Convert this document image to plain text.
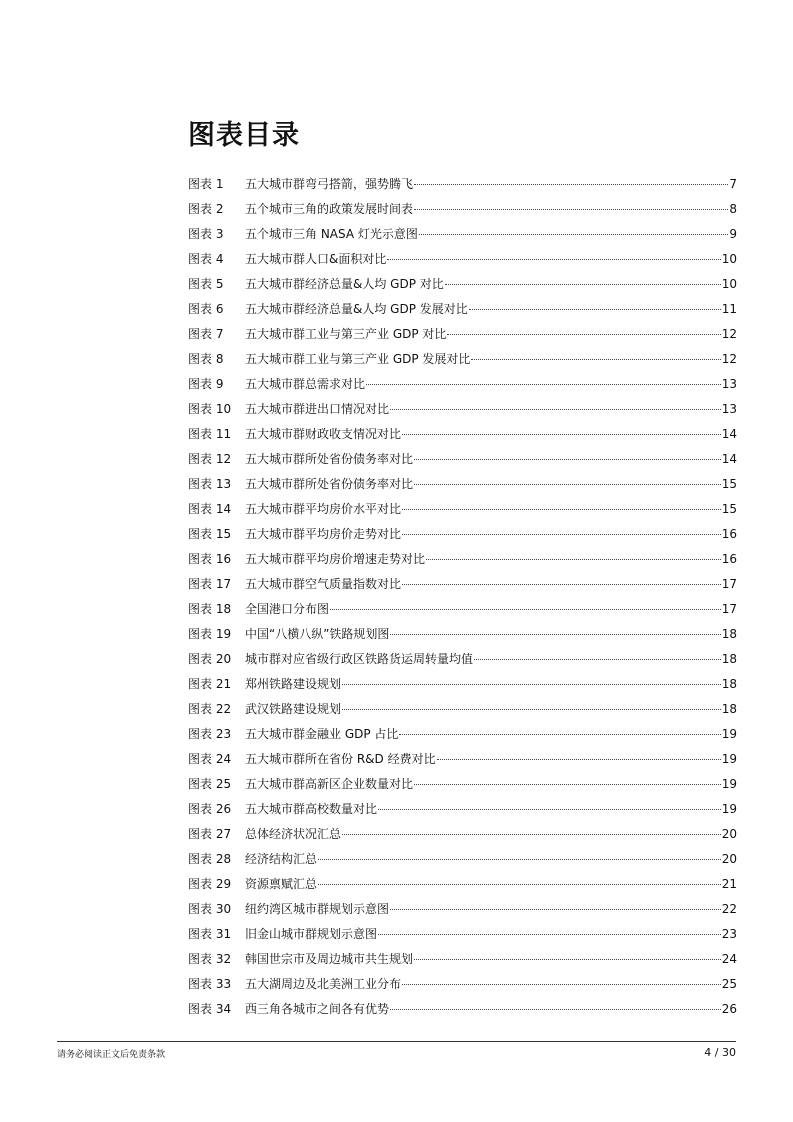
图表目录
图表 1	五大城市群弯弓搭箭，强势腾飞	7
图表 2	五个城市三角的政策发展时间表	8
图表 3	五个城市三角 NASA 灯光示意图	9
图表 4	五大城市群人口&面积对比	10
图表 5	五大城市群经济总量&人均 GDP 对比	10
图表 6	五大城市群经济总量&人均 GDP 发展对比	11
图表 7	五大城市群工业与第三产业 GDP 对比	12
图表 8	五大城市群工业与第三产业 GDP 发展对比	12
图表 9	五大城市群总需求对比	13
图表 10	五大城市群进出口情况对比	13
图表 11	五大城市群财政收支情况对比	14
图表 12	五大城市群所处省份债务率对比	14
图表 13	五大城市群所处省份债务率对比	15
图表 14	五大城市群平均房价水平对比	15
图表 15	五大城市群平均房价走势对比	16
图表 16	五大城市群平均房价增速走势对比	16
图表 17	五大城市群空气质量指数对比	17
图表 18	全国港口分布图	17
图表 19	中国“八横八纵”铁路规划图	18
图表 20	城市群对应省级行政区铁路货运周转量均值	18
图表 21	郑州铁路建设规划	18
图表 22	武汉铁路建设规划	18
图表 23	五大城市群金融业 GDP 占比	19
图表 24	五大城市群所在省份 R&D 经费对比	19
图表 25	五大城市群高新区企业数量对比	19
图表 26	五大城市群高校数量对比	19
图表 27	总体经济状况汇总	20
图表 28	经济结构汇总	20
图表 29	资源禀赋汇总	21
图表 30	纽约湾区城市群规划示意图	22
图表 31	旧金山城市群规划示意图	23
图表 32	韩国世宗市及周边城市共生规划	24
图表 33	五大湖周边及北美洲工业分布	25
图表 34	西三角各城市之间各有优势	26
请务必阅读正文后免责条款	4 / 30
